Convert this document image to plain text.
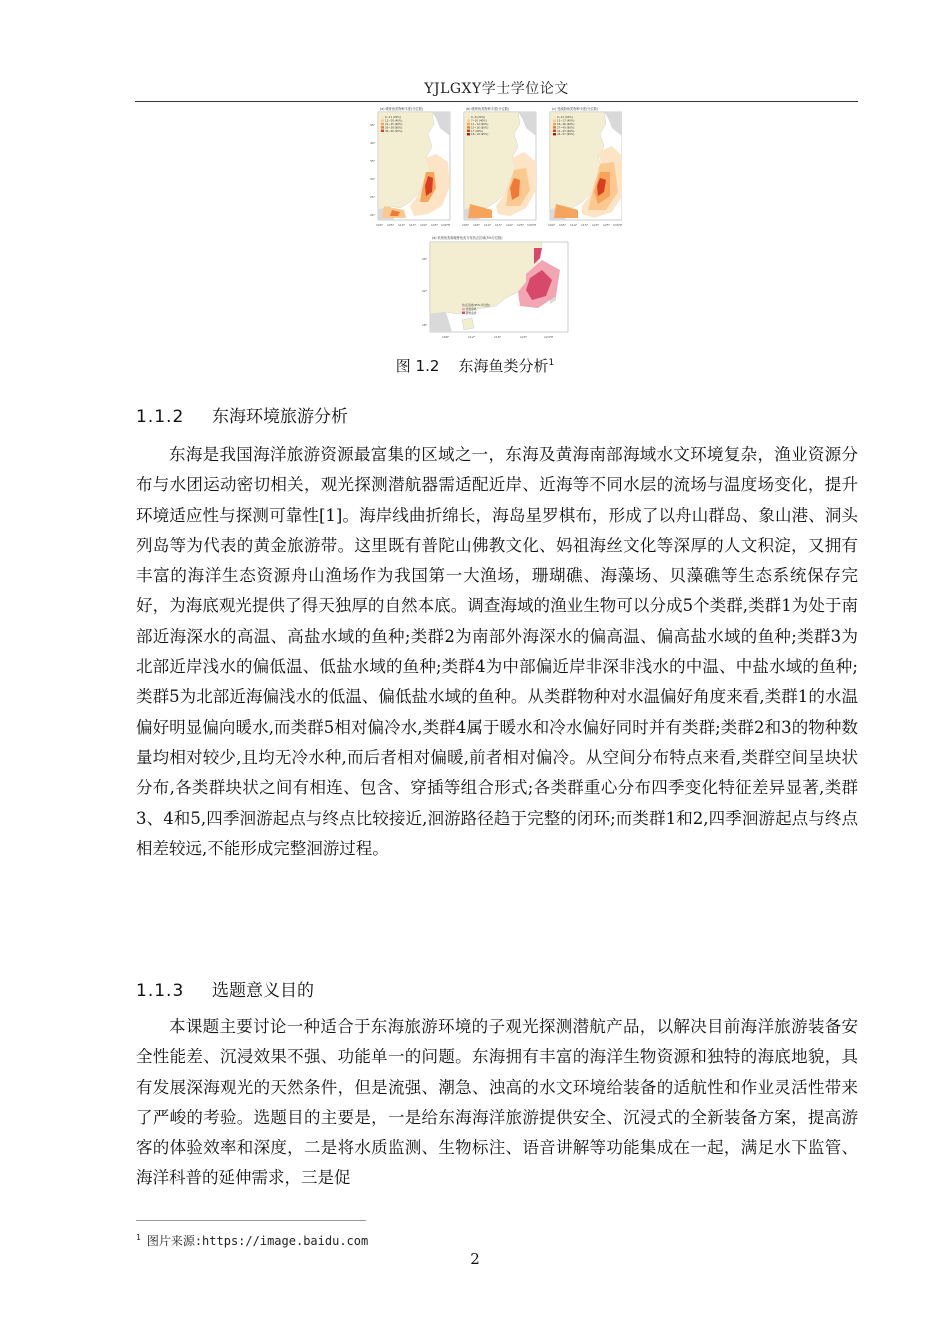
YJLGXY学士学位论文
(a) 暖骨鱼类物种丰度(分位数)
0~11 (20%)
12~20 (40%)
21~25 (60%)
26~29 (80%)
30~40 (95%)
45°
40°
35°
30°
25°
20°
100° 105° 110° 115° 120° 125° 130°E
(b) 暖骨鱼类物种丰度(分位数)
0~6 (20%)
7~10 (40%)
11~14 (60%)
15~16 (80%)
17 (90%)
18~19 (95%)
100° 105° 110° 115° 120° 125° 130°E
(c) 受威胁鱼类物种丰度(分位数)
0~12 (20%)
13~17 (40%)
18~26 (60%)
27~40 (80%)
41~43 (90%)
44~57 (95%)
100° 105° 110° 115° 120° 125° 130°E
(d) 软骨鱼类和硬骨鱼类分布热点区域(5%分位数)
热点区域(95%分位数)
软骨鱼类
硬骨鱼类
26°
22°
18°
108°	112°	116°	120°	124°E
图 1.2 东海鱼类分析$^1$
1.1.2 东海环境旅游分析

东海是我国海洋旅游资源最富集的区域之一，东海及黄海南部海域水文环境复杂，渔业资源分布与水团运动密切相关，观光探测潜航器需适配近岸、近海等不同水层的流场与温度场变化，提升环境适应性与探测可靠性[1]。海岸线曲折绵长，海岛星罗棋布，形成了以舟山群岛、象山港、洞头列岛等为代表的黄金旅游带。这里既有普陀山佛教文化、妈祖海丝文化等深厚的人文积淀，又拥有丰富的海洋生态资源舟山渔场作为我国第一大渔场，珊瑚礁、海藻场、贝藻礁等生态系统保存完好，为海底观光提供了得天独厚的自然本底。调查海域的渔业生物可以分成5个类群,类群1为处于南部近海深水的高温、高盐水域的鱼种;类群2为南部外海深水的偏高温、偏高盐水域的鱼种;类群3为北部近岸浅水的偏低温、低盐水域的鱼种;类群4为中部偏近岸非深非浅水的中温、中盐水域的鱼种;类群5为北部近海偏浅水的低温、偏低盐水域的鱼种。从类群物种对水温偏好角度来看,类群1的水温偏好明显偏向暖水,而类群5相对偏冷水,类群4属于暖水和冷水偏好同时并有类群;类群2和3的物种数量均相对较少,且均无冷水种,而后者相对偏暖,前者相对偏冷。从空间分布特点来看,类群空间呈块状分布,各类群块状之间有相连、包含、穿插等组合形式;各类群重心分布四季变化特征差异显著,类群3、4和5,四季洄游起点与终点比较接近,洄游路径趋于完整的闭环;而类群1和2,四季洄游起点与终点相差较远,不能形成完整洄游过程。

1.1.3 选题意义目的

本课题主要讨论一种适合于东海旅游环境的子观光探测潜航产品，以解决目前海洋旅游装备安全性能差、沉浸效果不强、功能单一的问题。东海拥有丰富的海洋生物资源和独特的海底地貌，具有发展深海观光的天然条件，但是流强、潮急、浊高的水文环境给装备的适航性和作业灵活性带来了严峻的考验。选题目的主要是，一是给东海海洋旅游提供安全、沉浸式的全新装备方案，提高游客的体验效率和深度，二是将水质监测、生物标注、语音讲解等功能集成在一起，满足水下监管、海洋科普的延伸需求，三是促

$^1$ 图片来源:https://image.baidu.com
2
